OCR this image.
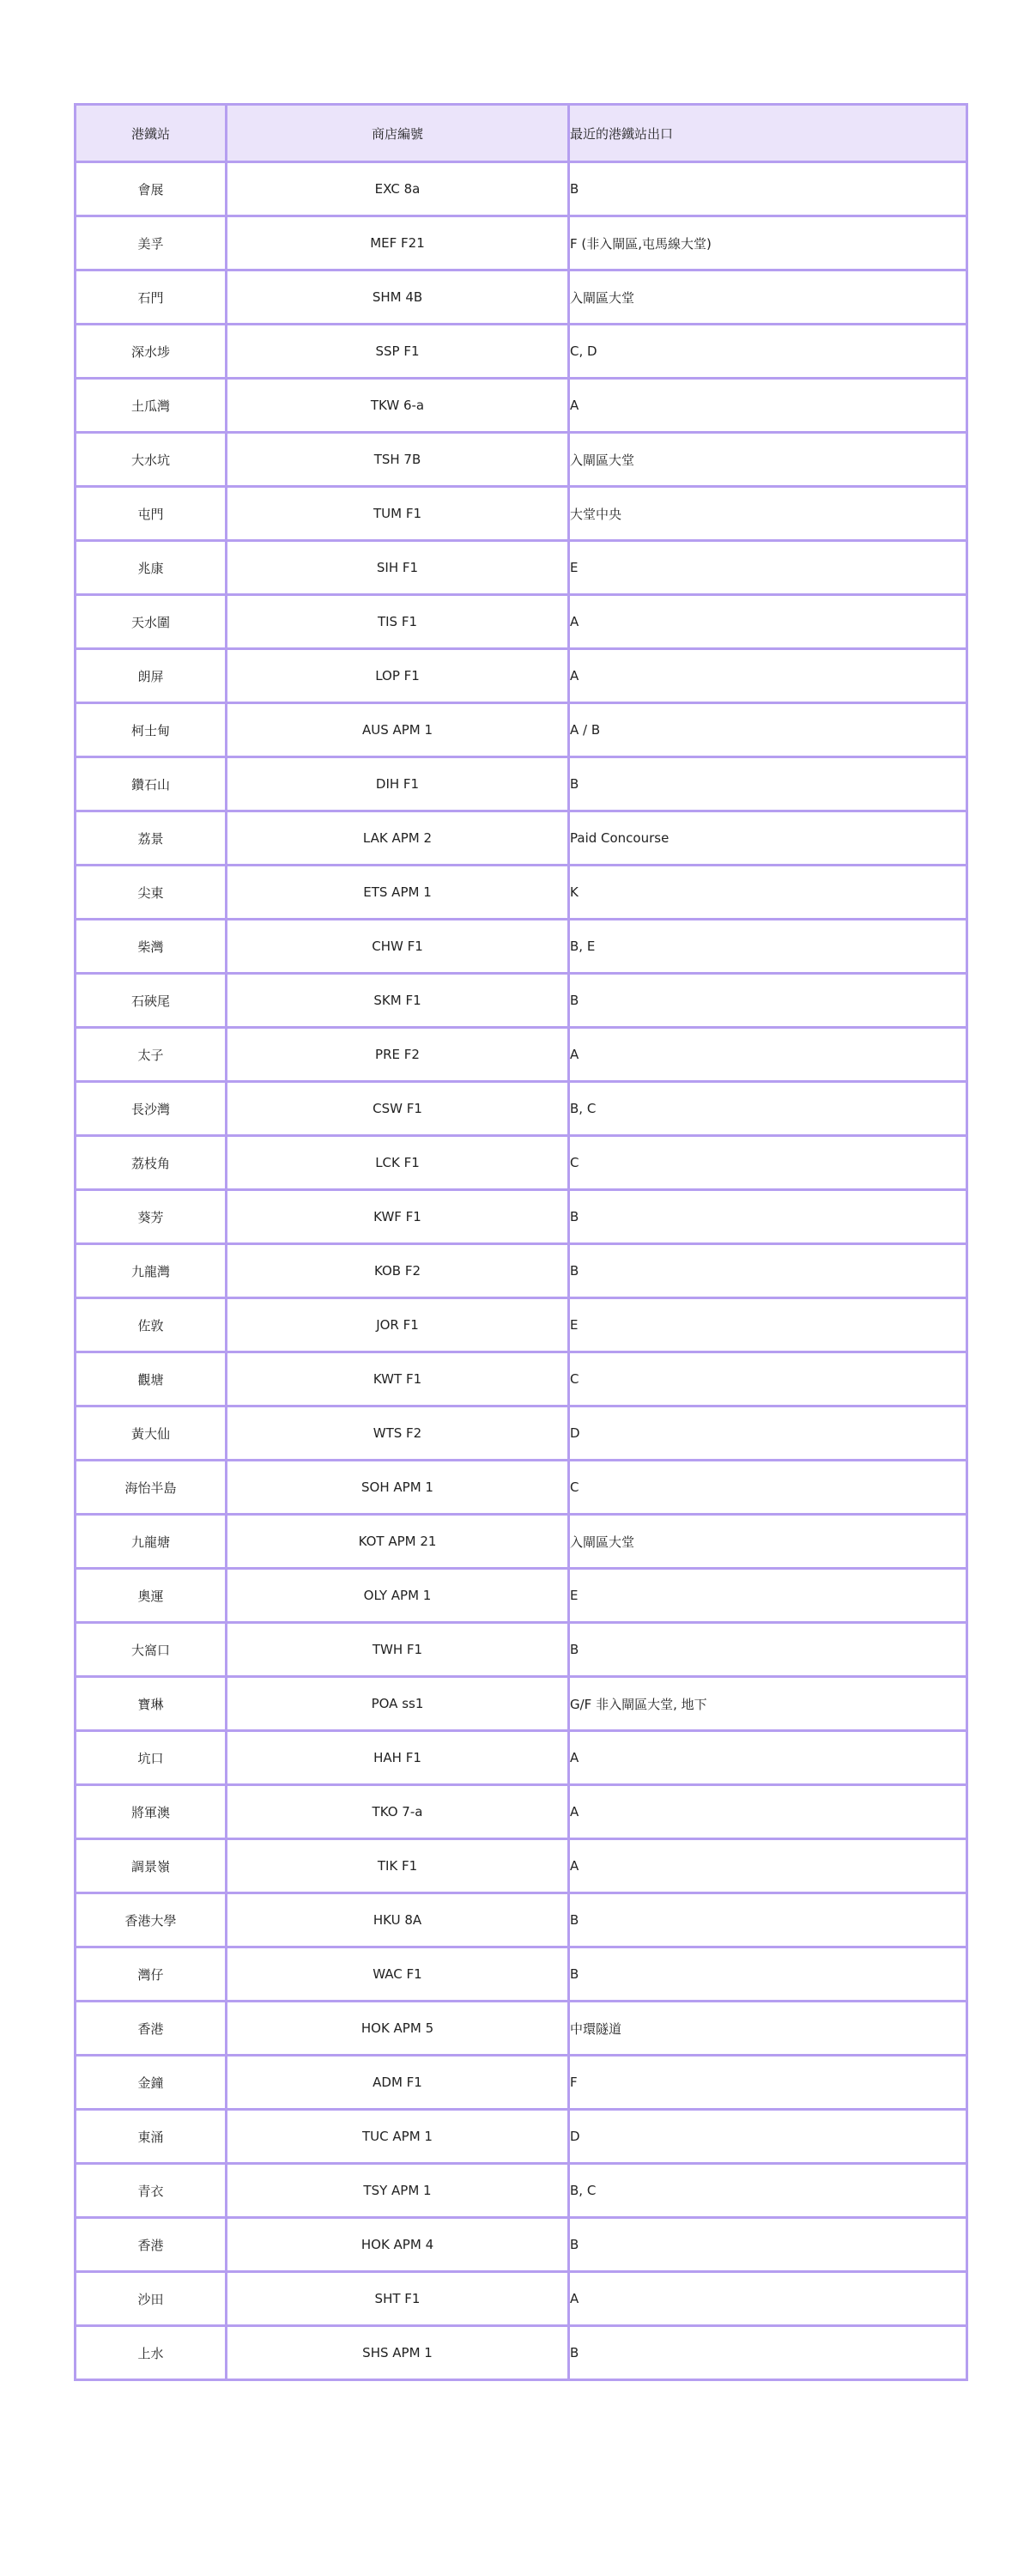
港鐵站	商店編號	最近的港鐵站出口
會展	EXC 8a	B
美孚	MEF F21	F (非入閘區,屯馬線大堂)
石門	SHM 4B	入閘區大堂
深水埗	SSP F1	C, D
土瓜灣	TKW 6-a	A
大水坑	TSH 7B	入閘區大堂
屯門	TUM F1	大堂中央
兆康	SIH F1	E
天水圍	TIS F1	A
朗屏	LOP F1	A
柯士甸	AUS APM 1	A / B
鑽石山	DIH F1	B
荔景	LAK APM 2	Paid Concourse
尖東	ETS APM 1	K
柴灣	CHW F1	B, E
石硤尾	SKM F1	B
太子	PRE F2	A
長沙灣	CSW F1	B, C
荔枝角	LCK F1	C
葵芳	KWF F1	B
九龍灣	KOB F2	B
佐敦	JOR F1	E
觀塘	KWT F1	C
黃大仙	WTS F2	D
海怡半島	SOH APM 1	C
九龍塘	KOT APM 21	入閘區大堂
奧運	OLY APM 1	E
大窩口	TWH F1	B
寶琳	POA ss1	G/F 非入閘區大堂, 地下
坑口	HAH F1	A
將軍澳	TKO 7-a	A
調景嶺	TIK F1	A
香港大學	HKU 8A	B
灣仔	WAC F1	B
香港	HOK APM 5	中環隧道
金鐘	ADM F1	F
東涌	TUC APM 1	D
青衣	TSY APM 1	B, C
香港	HOK APM 4	B
沙田	SHT F1	A
上水	SHS APM 1	B
